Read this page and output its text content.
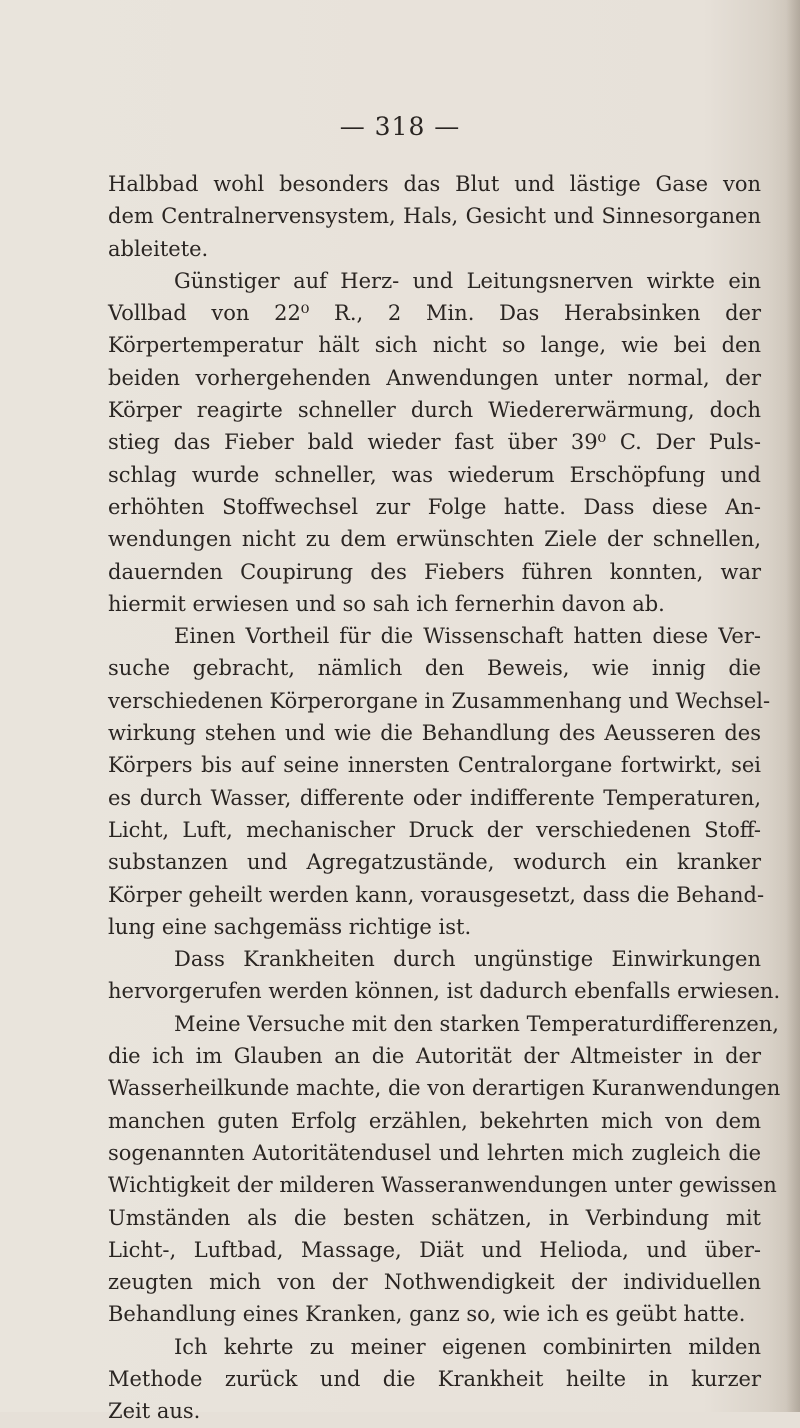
— 318 —

Halbbad wohl besonders das Blut und lästige Gase von
dem Centralnervensystem, Hals, Gesicht und Sinnesorganen
ableitete.

Günstiger auf Herz- und Leitungsnerven wirkte ein
Vollbad von 22⁰ R., 2 Min. Das Herabsinken der
Körpertemperatur hält sich nicht so lange, wie bei den
beiden vorhergehenden Anwendungen unter normal, der
Körper reagirte schneller durch Wiedererwärmung, doch
stieg das Fieber bald wieder fast über 39⁰ C. Der Puls-
schlag wurde schneller, was wiederum Erschöpfung und
erhöhten Stoffwechsel zur Folge hatte. Dass diese An-
wendungen nicht zu dem erwünschten Ziele der schnellen,
dauernden Coupirung des Fiebers führen konnten, war
hiermit erwiesen und so sah ich fernerhin davon ab.

Einen Vortheil für die Wissenschaft hatten diese Ver-
suche gebracht, nämlich den Beweis, wie innig die
verschiedenen Körperorgane in Zusammenhang und Wechsel-
wirkung stehen und wie die Behandlung des Aeusseren des
Körpers bis auf seine innersten Centralorgane fortwirkt, sei
es durch Wasser, differente oder indifferente Temperaturen,
Licht, Luft, mechanischer Druck der verschiedenen Stoff-
substanzen und Agregatzustände, wodurch ein kranker
Körper geheilt werden kann, vorausgesetzt, dass die Behand-
lung eine sachgemäss richtige ist.

Dass Krankheiten durch ungünstige Einwirkungen
hervorgerufen werden können, ist dadurch ebenfalls erwiesen.

Meine Versuche mit den starken Temperaturdifferenzen,
die ich im Glauben an die Autorität der Altmeister in der
Wasserheilkunde machte, die von derartigen Kuranwendungen
manchen guten Erfolg erzählen, bekehrten mich von dem
sogenannten Autoritätendusel und lehrten mich zugleich die
Wichtigkeit der milderen Wasseranwendungen unter gewissen
Umständen als die besten schätzen, in Verbindung mit
Licht-, Luftbad, Massage, Diät und Helioda, und über-
zeugten mich von der Nothwendigkeit der individuellen
Behandlung eines Kranken, ganz so, wie ich es geübt hatte.

Ich kehrte zu meiner eigenen combinirten milden
Methode zurück und die Krankheit heilte in kurzer
Zeit aus.
